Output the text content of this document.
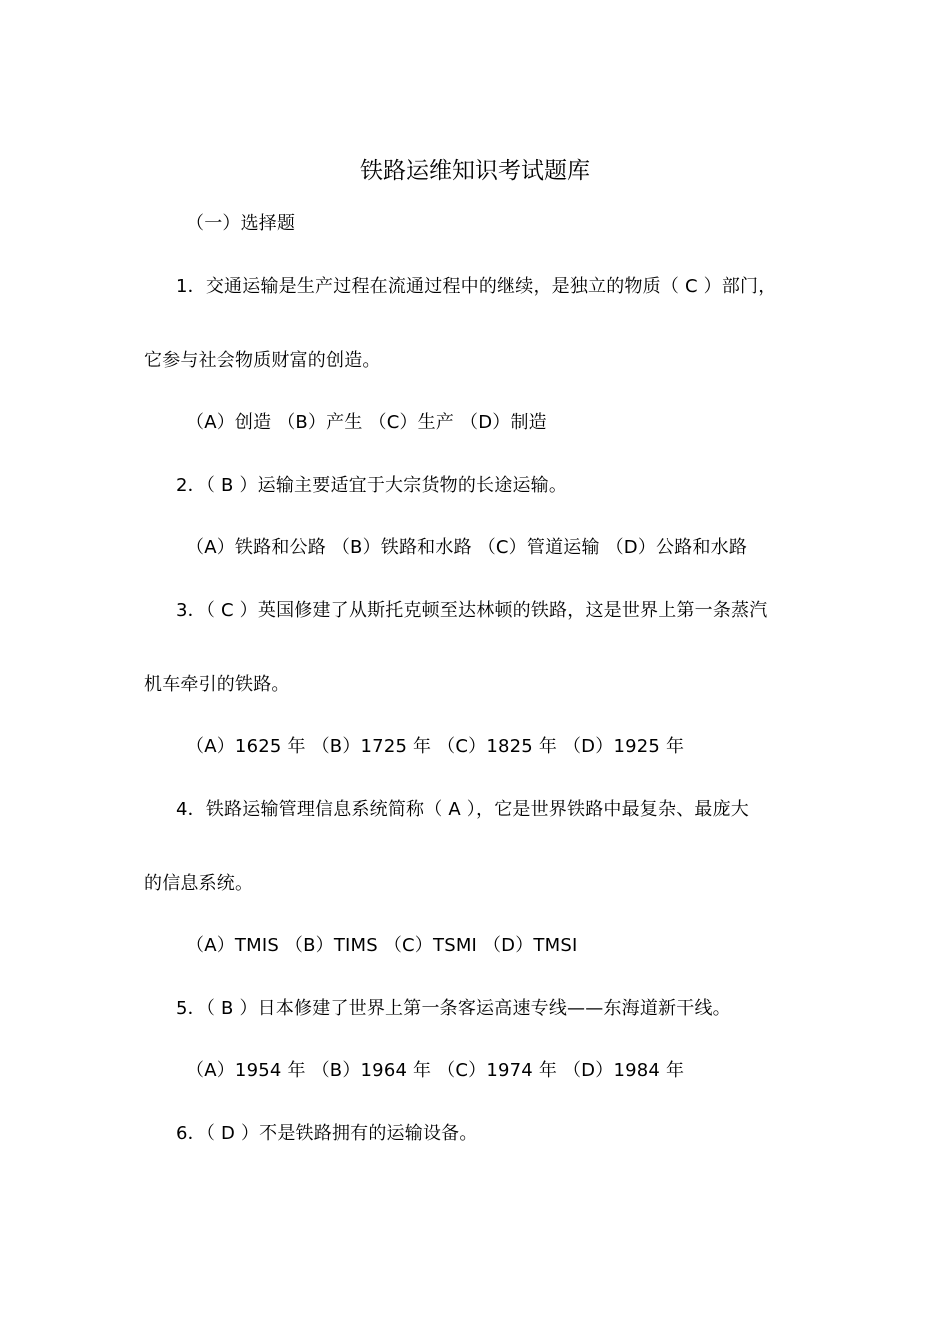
铁路运维知识考试题库
（一）选择题
1．交通运输是生产过程在流通过程中的继续，是独立的物质（ C ）部门，
它参与社会物质财富的创造。
（A）创造 （B）产生 （C）生产 （D）制造
2．（ B ）运输主要适宜于大宗货物的长途运输。
（A）铁路和公路 （B）铁路和水路 （C）管道运输 （D）公路和水路
3．（ C ）英国修建了从斯托克顿至达林顿的铁路，这是世界上第一条蒸汽
机车牵引的铁路。
（A）1625 年 （B）1725 年 （C）1825 年 （D）1925 年
4．铁路运输管理信息系统简称（ A ），它是世界铁路中最复杂、最庞大
的信息系统。
（A）TMIS （B）TIMS （C）TSMI （D）TMSI
5．（ B ）日本修建了世界上第一条客运高速专线——东海道新干线。
（A）1954 年 （B）1964 年 （C）1974 年 （D）1984 年
6．（ D ）不是铁路拥有的运输设备。
